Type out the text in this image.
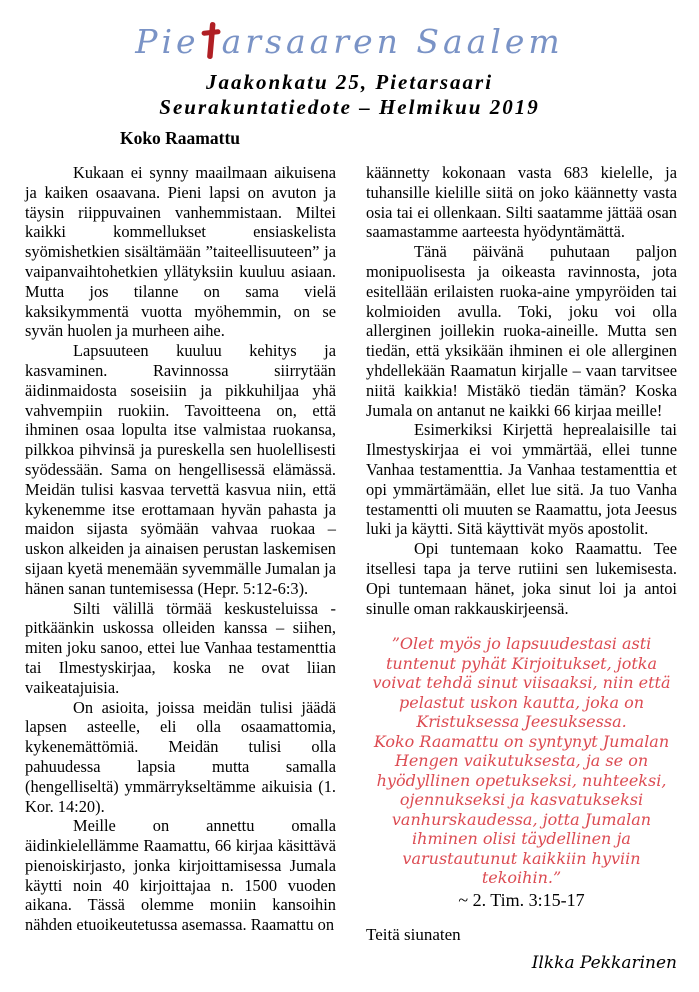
Pie arsaaren Saalem
Jaakonkatu 25, Pietarsaari
Seurakuntatiedote – Helmikuu 2019
Koko Raamattu

Kukaan ei synny maailmaan aikuisena ja kaiken osaavana. Pieni lapsi on avuton ja täysin riippuvainen vanhemmistaan. Miltei kaikki kommellukset ensiaskelista syömishetkien sisältämään ”taiteellisuuteen” ja vaipanvaihtohetkien yllätyksiin kuuluu asiaan. Mutta jos tilanne on sama vielä kaksikymmentä vuotta myöhemmin, on se syvän huolen ja murheen aihe.

Lapsuuteen kuuluu kehitys ja kasvaminen. Ravinnossa siirrytään äidinmaidosta soseisiin ja pikkuhiljaa yhä vahvempiin ruokiin. Tavoitteena on, että ihminen osaa lopulta itse valmistaa ruokansa, pilkkoa pihvinsä ja pureskella sen huolellisesti syödessään. Sama on hengellisessä elämässä. Meidän tulisi kasvaa tervettä kasvua niin, että kykenemme itse erottamaan hyvän pahasta ja maidon sijasta syömään vahvaa ruokaa – uskon alkeiden ja ainaisen perustan laskemisen sijaan kyetä menemään syvemmälle Jumalan ja hänen sanan tuntemisessa (Hepr. 5:12-6:3).

Silti välillä törmää keskusteluissa - pitkäänkin uskossa olleiden kanssa – siihen, miten joku sanoo, ettei lue Vanhaa testamenttia tai Ilmestyskirjaa, koska ne ovat liian vaikeatajuisia.

On asioita, joissa meidän tulisi jäädä lapsen asteelle, eli olla osaamattomia, kykenemättömiä. Meidän tulisi olla pahuudessa lapsia mutta samalla (hengelliseltä) ymmärrykseltämme aikuisia (1. Kor. 14:20).

Meille on annettu omalla äidinkielellämme Raamattu, 66 kirjaa käsittävä pienoiskirjasto, jonka kirjoittamisessa Jumala käytti noin 40 kirjoittajaa n. 1500 vuoden aikana. Tässä olemme moniin kansoihin nähden etuoikeutetussa asemassa. Raamattu on

käännetty kokonaan vasta 683 kielelle, ja tuhansille kielille siitä on joko käännetty vasta osia tai ei ollenkaan. Silti saatamme jättää osan saamastamme aarteesta hyödyntämättä.

Tänä päivänä puhutaan paljon monipuolisesta ja oikeasta ravinnosta, jota esitellään erilaisten ruoka-aine ympyröiden tai kolmioiden avulla. Toki, joku voi olla allerginen joillekin ruoka-aineille. Mutta sen tiedän, että yksikään ihminen ei ole allerginen yhdellekään Raamatun kirjalle – vaan tarvitsee niitä kaikkia! Mistäkö tiedän tämän? Koska Jumala on antanut ne kaikki 66 kirjaa meille!

Esimerkiksi Kirjettä heprealaisille tai Ilmestyskirjaa ei voi ymmärtää, ellei tunne Vanhaa testamenttia. Ja Vanhaa testamenttia et opi ymmärtämään, ellet lue sitä. Ja tuo Vanha testamentti oli muuten se Raamattu, jota Jeesus luki ja käytti. Sitä käyttivät myös apostolit.

Opi tuntemaan koko Raamattu. Tee itsellesi tapa ja terve rutiini sen lukemisesta. Opi tuntemaan hänet, joka sinut loi ja antoi sinulle oman rakkauskirjeensä.

”Olet myös jo lapsuudestasi asti tuntenut pyhät Kirjoitukset, jotka voivat tehdä sinut viisaaksi, niin että pelastut uskon kautta, joka on Kristuksessa Jeesuksessa.

Koko Raamattu on syntynyt Jumalan Hengen vaikutuksesta, ja se on hyödyllinen opetukseksi, nuhteeksi, ojennukseksi ja kasvatukseksi vanhurskaudessa, jotta Jumalan ihminen olisi täydellinen ja varustautunut kaikkiin hyviin tekoihin.”

~ 2. Tim. 3:15-17

Teitä siunaten

Ilkka Pekkarinen
